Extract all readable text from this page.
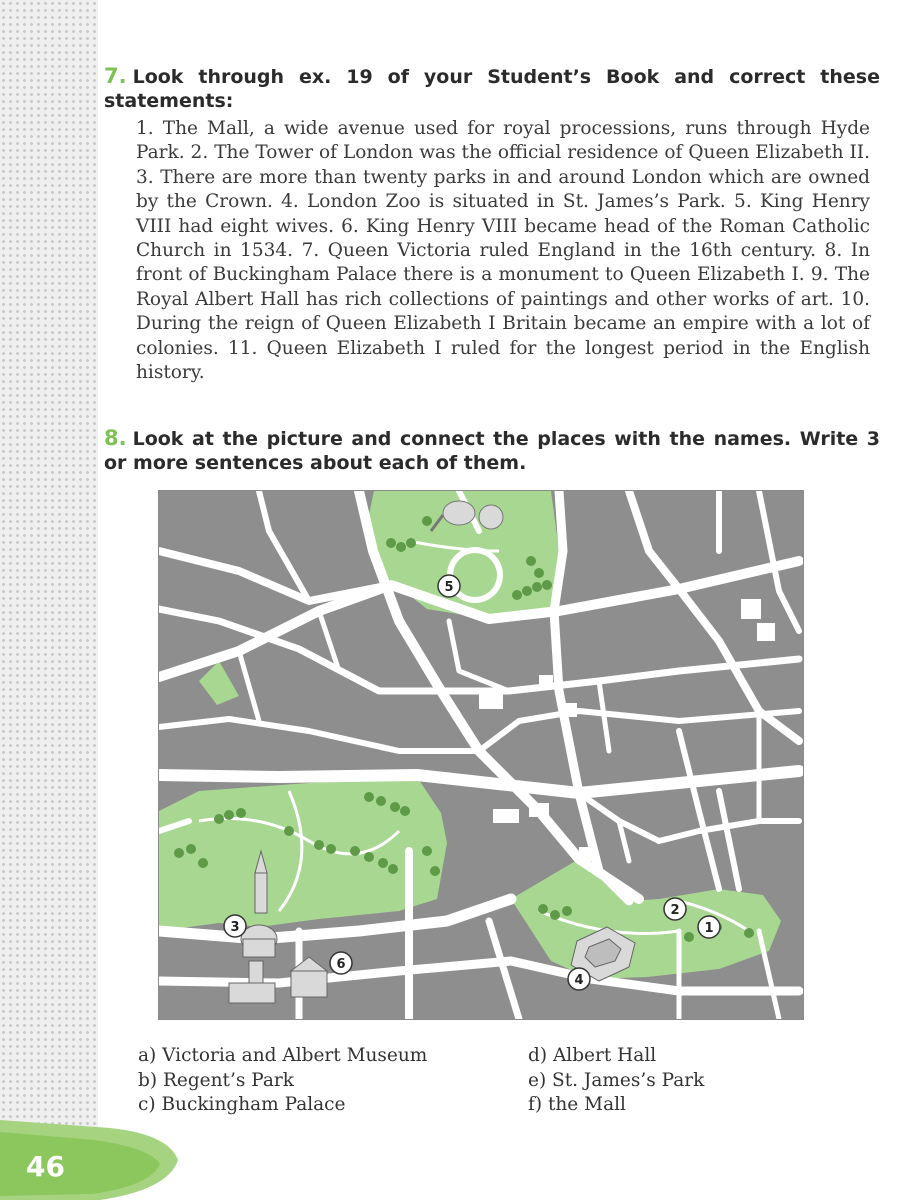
46
7. Look through ex. 19 of your Student’s Book and correct these statements:
1. The Mall, a wide avenue used for royal processions, runs through Hyde Park. 2. The Tower of London was the official residence of Queen Elizabeth II. 3. There are more than twenty parks in and around London which are owned by the Crown. 4. London Zoo is situated in St. James’s Park. 5. King Henry VIII had eight wives. 6. King Henry VIII became head of the Roman Catholic Church in 1534. 7. Queen Victoria ruled England in the 16th century. 8. In front of Buckingham Palace there is a monument to Queen Elizabeth I. 9. The Royal Albert Hall has rich collections of paintings and other works of art. 10. During the reign of Queen Elizabeth I Britain became an empire with a lot of colonies. 11. Queen Elizabeth I ruled for the longest period in the English history.
8. Look at the picture and connect the places with the names. Write 3 or more sentences about each of them.
5
3
6
4
2
1
a) Victoria and Albert Museum
b) Regent’s Park
c) Buckingham Palace
d) Albert Hall
e) St. James’s Park
f) the Mall
